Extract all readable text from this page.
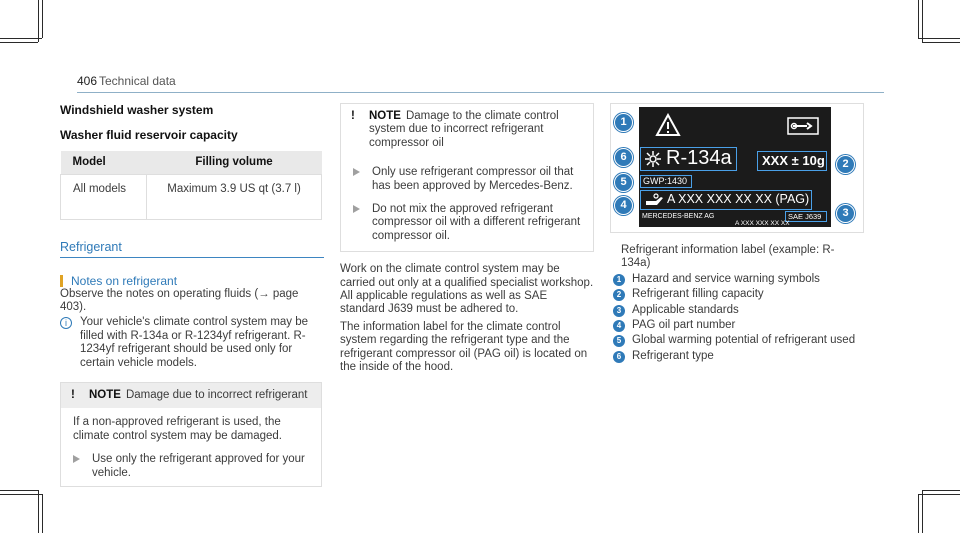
406 Technical data
Windshield washer system
Washer fluid reservoir capacity
Model	Filling volume
All models	Maximum 3.9 US qt (3.7 l)
Refrigerant
Notes on refrigerant
Observe the notes on operating fluids (→ page 403).
i	Your vehicle's climate control system may be filled with R-134a or R-1234yf refrigerant. R-1234yf refrigerant should be used only for certain vehicle models.
!	NOTE Damage due to incorrect refrigerant
If a non-approved refrigerant is used, the climate control system may be damaged.
Use only the refrigerant approved for your vehicle.
!	NOTE Damage to the climate control system due to incorrect refrigerant compressor oil
Only use refrigerant compressor oil that has been approved by Mercedes-Benz.
Do not mix the approved refrigerant compressor oil with a different refrigerant compressor oil.
Work on the climate control system may be carried out only at a qualified specialist workshop. All applicable regulations as well as SAE standard J639 must be adhered to.
The information label for the climate control system regarding the refrigerant type and the refrigerant compressor oil (PAG oil) is located on the inside of the hood.
R-134a XXX ± 10g
GWP:1430
A XXX XXX XX XX (PAG)
MERCEDES-BENZ AG	SAE J639
A XXX XXX XX XX
1
2
3
4
5
6
Refrigerant information label (example: R-134a)
1 Hazard and service warning symbols
2 Refrigerant filling capacity
3 Applicable standards
4 PAG oil part number
5 Global warming potential of refrigerant used
6 Refrigerant type
